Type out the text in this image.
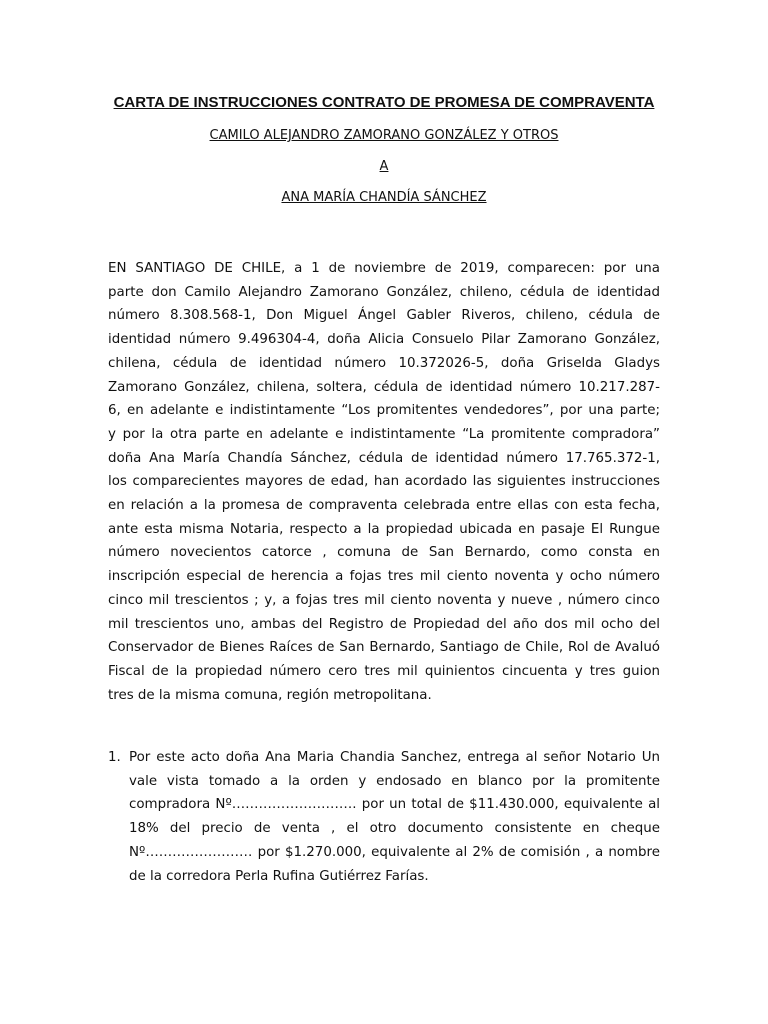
CARTA DE INSTRUCCIONES CONTRATO DE PROMESA DE COMPRAVENTA
CAMILO ALEJANDRO ZAMORANO GONZÁLEZ Y OTROS
A
ANA MARÍA CHANDÍA SÁNCHEZ
EN SANTIAGO DE CHILE, a 1 de noviembre de 2019, comparecen: por una
parte don Camilo Alejandro Zamorano González, chileno, cédula de identidad
número 8.308.568-1, Don Miguel Ángel Gabler Riveros, chileno, cédula de
identidad número 9.496304-4, doña Alicia Consuelo Pilar Zamorano González,
chilena, cédula de identidad número 10.372026-5, doña Griselda Gladys
Zamorano González, chilena, soltera, cédula de identidad número 10.217.287-
6, en adelante e indistintamente “Los promitentes vendedores”, por una parte;
y por la otra parte en adelante e indistintamente “La promitente compradora”
doña Ana María Chandía Sánchez, cédula de identidad número 17.765.372-1,
los comparecientes mayores de edad, han acordado las siguientes instrucciones
en relación a la promesa de compraventa celebrada entre ellas con esta fecha,
ante esta misma Notaria, respecto a la propiedad ubicada en pasaje El Rungue
número novecientos catorce , comuna de San Bernardo, como consta en
inscripción especial de herencia a fojas tres mil ciento noventa y ocho número
cinco mil trescientos ; y, a fojas tres mil ciento noventa y nueve , número cinco
mil trescientos uno, ambas del Registro de Propiedad del año dos mil ocho del
Conservador de Bienes Raíces de San Bernardo, Santiago de Chile, Rol de Avaluó
Fiscal de la propiedad número cero tres mil quinientos cincuenta y tres guion
tres de la misma comuna, región metropolitana.
1. Por este acto doña Ana Maria Chandia Sanchez, entrega al señor Notario Un
vale vista tomado a la orden y endosado en blanco por la promitente
compradora Nº………………………. por un total de $11.430.000, equivalente al
18% del precio de venta , el otro documento consistente en cheque
Nº…………………… por $1.270.000, equivalente al 2% de comisión , a nombre
de la corredora Perla Rufina Gutiérrez Farías.
